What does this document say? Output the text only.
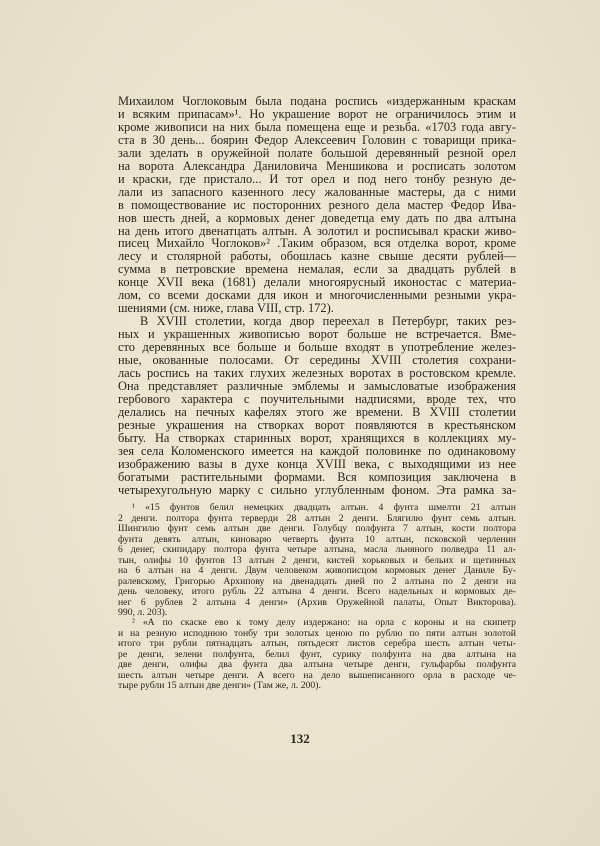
Михаилом Чоглоковым была подана роспись «издержанным краскам
и всяким припасам»¹. Но украшение ворот не ограничилось этим и
кроме живописи на них была помещена еще и резьба. «1703 года авгу-
ста в 30 день... боярин Федор Алексеевич Головин с товарищи прика-
зали зделать в оружейной полате большой деревянный резной орел
на ворота Александра Даниловича Меншикова и росписать золотом
и краски, где пристало... И тот орел и под него тонбу резную де-
лали из запасного казенного лесу жалованные мастеры, да с ними
в помоществование ис посторонних резного дела мастер Федор Ива-
нов шесть дней, а кормовых денег доведетца ему дать по два алтына
на день итого двенатцать алтын. А золотил и росписывал краски живо-
писец Михайло Чоглоков»² .Таким образом, вся отделка ворот, кроме
лесу и столярной работы, обошлась казне свыше десяти рублей—
сумма в петровские времена немалая, если за двадцать рублей в
конце XVII века (1681) делали многоярусный иконостас с материа-
лом, со всеми досками для икон и многочисленными резными укра-
шениями (см. ниже, глава VIII, стр. 172).
В XVIII столетии, когда двор переехал в Петербург, таких рез-
ных и украшенных живописью ворот больше не встречается. Вме-
сто деревянных все больше и больше входят в употребление желез-
ные, окованные полосами. От середины XVIII столетия сохрани-
лась роспись на таких глухих железных воротах в ростовском кремле.
Она представляет различные эмблемы и замысловатые изображения
гербового характера с поучительными надписями, вроде тех, что
делались на печных кафелях этого же времени. В XVIII столетии
резные украшения на створках ворот появляются в крестьянском
быту. На створках старинных ворот, хранящихся в коллекциях му-
зея села Коломенского имеется на каждой половинке по одинаковому
изображению вазы в духе конца XVIII века, с выходящими из нее
богатыми растительными формами. Вся композиция заключена в
четырехугольную марку с сильно углубленным фоном. Эта рамка за-
¹ «15 фунтов белил немецких двадцать алтын. 4 фунта шмелти 21 алтын
2 денги. полтора фунта терверди 28 алтын 2 денги. Блягилю фунт семь алтын.
Шингилю фунт семь алтын две денги. Голубцу полфунта 7 алтын, кости полтора
фунта девять алтын, киноварю четверть фунта 10 алтын, псковской черленин
6 денег, скипидару полтора фунта четыре алтына, масла льняного полведра 11 ал-
тын, олифы 10 фунтов 13 алтын 2 денги, кистей хорьковых и бельих и щетинных
на 6 алтын на 4 денги. Двум человеком живописцом кормовых денег Даниле Бу-
ралевскому, Григорью Архипову на двенадцать дней по 2 алтына по 2 денги на
день человеку, итого рубль 22 алтына 4 денги. Всего надельных и кормовых де-
нег 6 рублев 2 алтына 4 денги» (Архив Оружейной палаты, Опыт Викторова).
990, л. 203).
² «А по скаске ево к тому делу издержано: на орла с короны и на скипетр
и на резную исподнюю тонбу три золотых ценою по рублю по пяти алтын золотой
итого три рубли пятнадцать алтын, пятьдесят листов серебра шесть алтын четы-
ре денги, зелени полфунта, белил фунт, сурику полфунта на два алтына на
две денги, олифы два фунта два алтына четыре денги, гульфарбы полфунта
шесть алтын четыре денги. А всего на дело вышеписанного орла в расходе че-
тыре рубли 15 алтын две денги» (Там же, л. 200).
132
